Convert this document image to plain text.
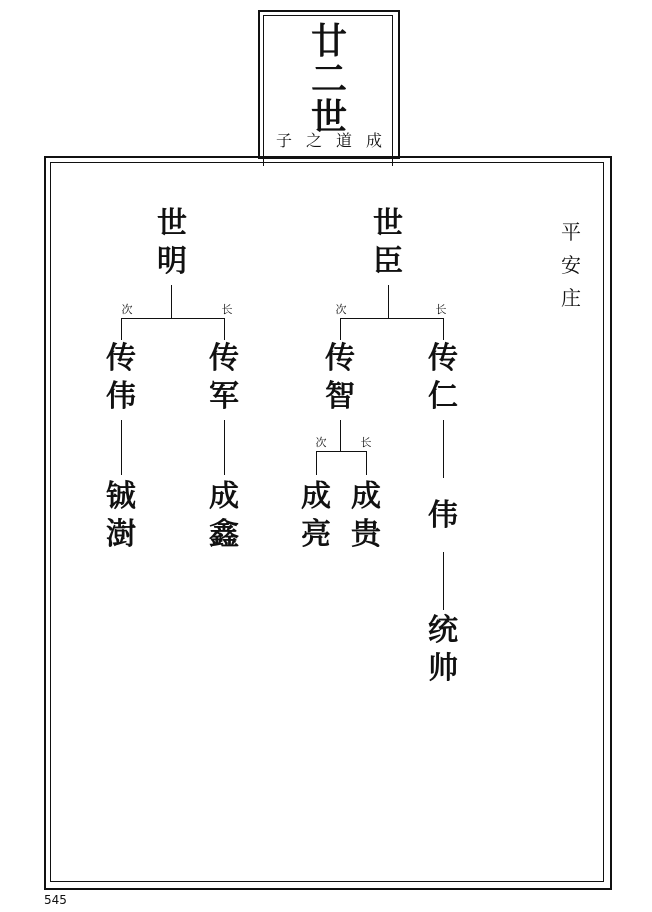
廿
二
世
子之道成
平
安
庄
世
明
次	长
传
伟
传
军
铖
澍
成
鑫
世
臣
次	长
传
智
传
仁
次	长
成
亮
成
贵
伟
统
帅
545
